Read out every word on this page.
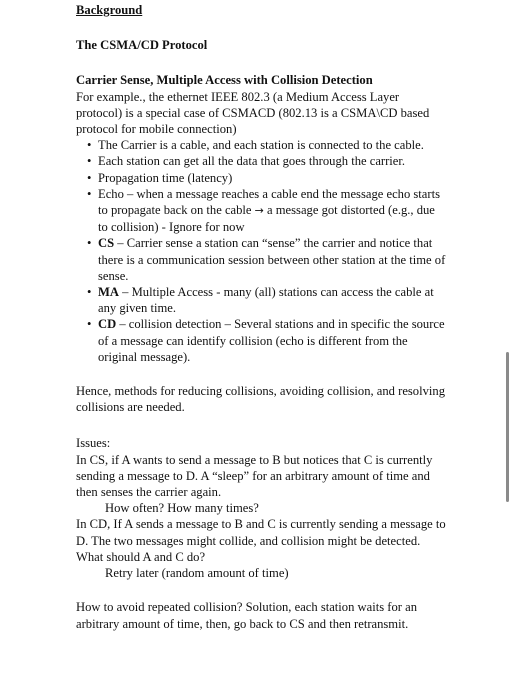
Background
The CSMA/CD Protocol
Carrier Sense, Multiple Access with Collision Detection

For example., the ethernet IEEE 802.3 (a Medium Access Layer protocol) is a special case of CSMACD (802.13 is a CSMA\CD based protocol for mobile connection)

• The Carrier is a cable, and each station is connected to the cable.
• Each station can get all the data that goes through the carrier.
• Propagation time (latency)
• Echo – when a message reaches a cable end the message echo starts to propagate back on the cable → a message got distorted (e.g., due to collision) - Ignore for now
• CS – Carrier sense a station can “sense” the carrier and notice that there is a communication session between other station at the time of sense.
• MA – Multiple Access - many (all) stations can access the cable at any given time.
• CD – collision detection – Several stations and in specific the source of a message can identify collision (echo is different from the original message).

Hence, methods for reducing collisions, avoiding collision, and resolving collisions are needed.

Issues:
In CS, if A wants to send a message to B but notices that C is currently sending a message to D. A “sleep” for an arbitrary amount of time and then senses the carrier again.
How often? How many times?
In CD, If A sends a message to B and C is currently sending a message to D. The two messages might collide, and collision might be detected. What should A and C do?
Retry later (random amount of time)

How to avoid repeated collision? Solution, each station waits for an arbitrary amount of time, then, go back to CS and then retransmit.
